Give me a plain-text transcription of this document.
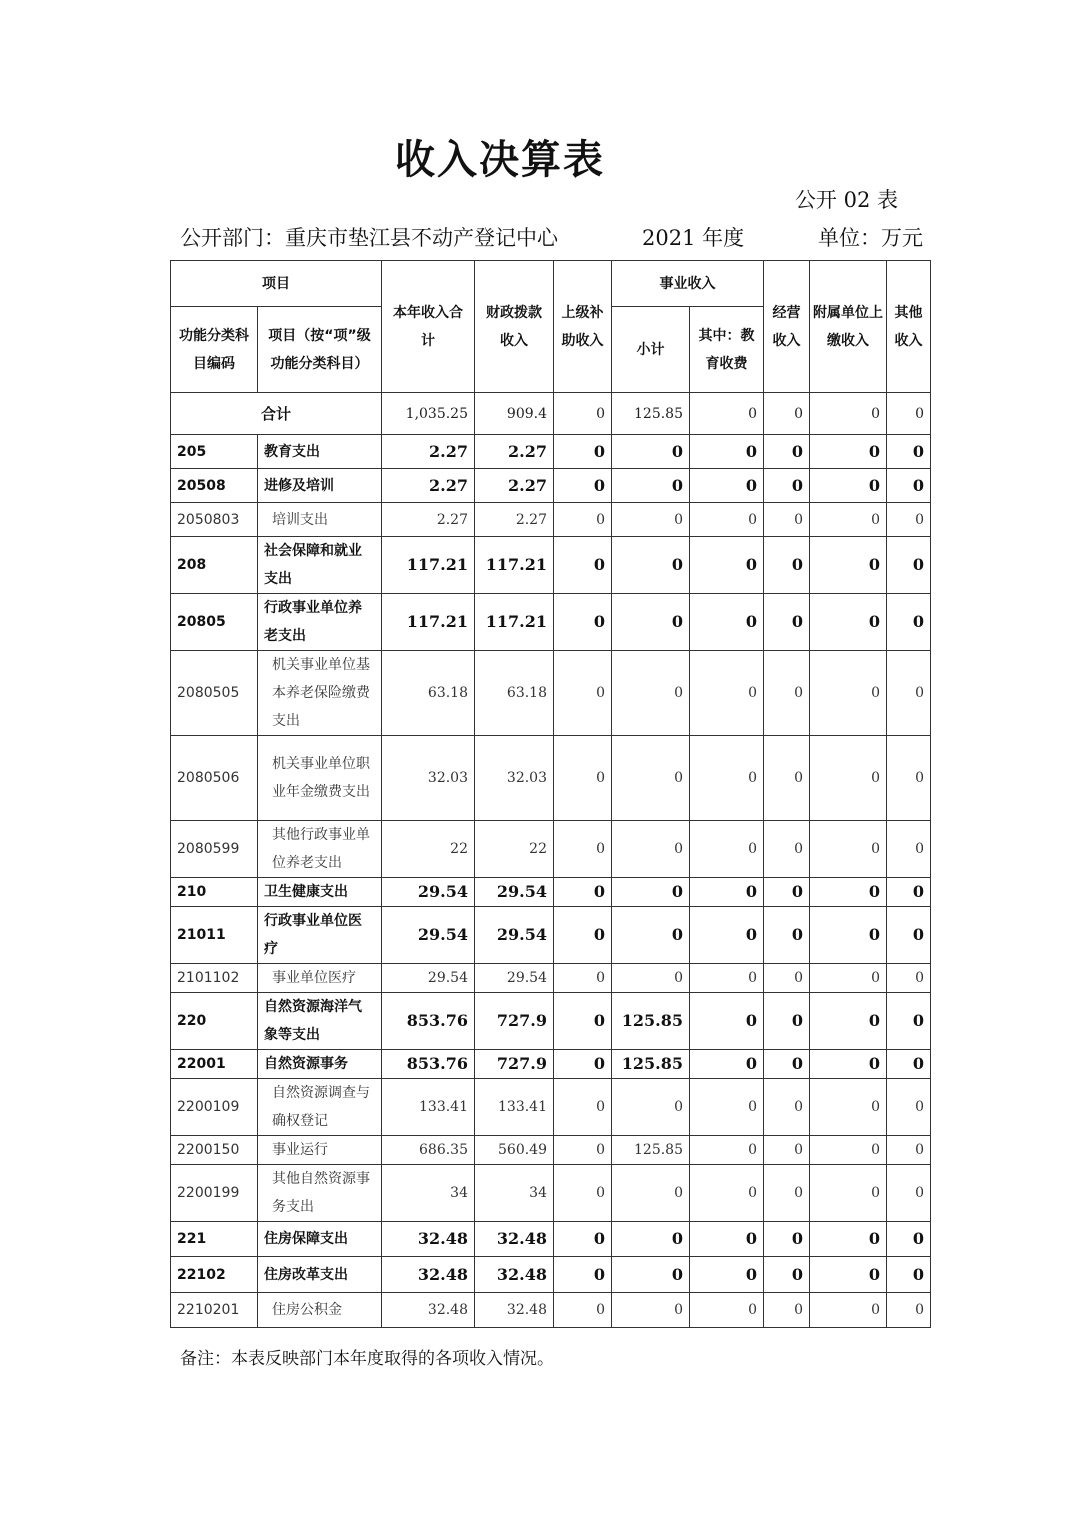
收入决算表
公开 02 表
公开部门：重庆市垫江县不动产登记中心	2021 年度	单位：万元
项目		本年收入合计	财政拨款收入	上级补助收入	事业收入		经营收入	附属单位上缴收入	其他收入
功能分类科目编码	项目（按“项”级功能分类科目）				小计	其中：教育收费			
合计		1,035.25	909.4	0	125.85	0	0	0	0
205	教育支出	2.27	2.27	0	0	0	0	0	0
20508	进修及培训	2.27	2.27	0	0	0	0	0	0
2050803	培训支出	2.27	2.27	0	0	0	0	0	0
208	社会保障和就业支出	117.21	117.21	0	0	0	0	0	0
20805	行政事业单位养老支出	117.21	117.21	0	0	0	0	0	0
2080505	机关事业单位基本养老保险缴费支出	63.18	63.18	0	0	0	0	0	0
2080506	机关事业单位职业年金缴费支出	32.03	32.03	0	0	0	0	0	0
2080599	其他行政事业单位养老支出	22	22	0	0	0	0	0	0
210	卫生健康支出	29.54	29.54	0	0	0	0	0	0
21011	行政事业单位医疗	29.54	29.54	0	0	0	0	0	0
2101102	事业单位医疗	29.54	29.54	0	0	0	0	0	0
220	自然资源海洋气象等支出	853.76	727.9	0	125.85	0	0	0	0
22001	自然资源事务	853.76	727.9	0	125.85	0	0	0	0
2200109	自然资源调查与确权登记	133.41	133.41	0	0	0	0	0	0
2200150	事业运行	686.35	560.49	0	125.85	0	0	0	0
2200199	其他自然资源事务支出	34	34	0	0	0	0	0	0
221	住房保障支出	32.48	32.48	0	0	0	0	0	0
22102	住房改革支出	32.48	32.48	0	0	0	0	0	0
2210201	住房公积金	32.48	32.48	0	0	0	0	0	0
备注：本表反映部门本年度取得的各项收入情况。
